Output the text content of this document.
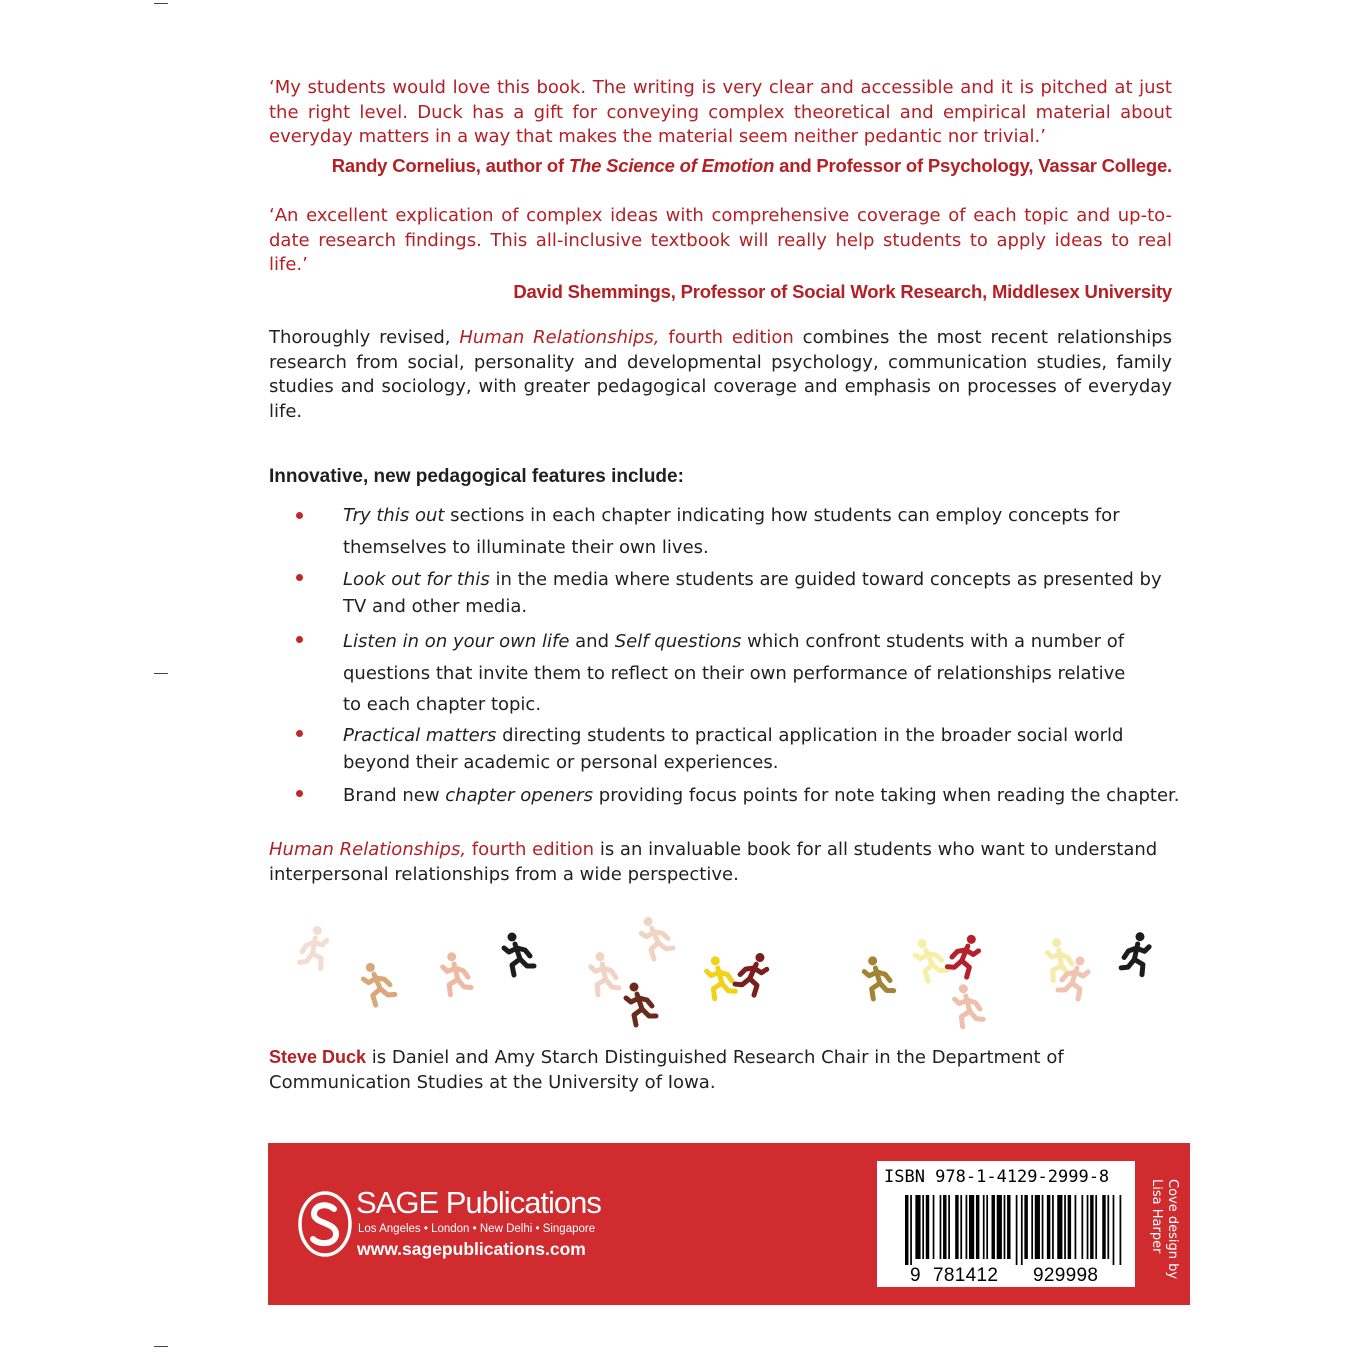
‘My students would love this book. The writing is very clear and accessible and it is pitched at just the right level. Duck has a gift for conveying complex theoretical and empirical material about everyday matters in a way that makes the material seem neither pedantic nor trivial.’

Randy Cornelius, author of The Science of Emotion and Professor of Psychology, Vassar College.

‘An excellent explication of complex ideas with comprehensive coverage of each topic and up-to-date research findings. This all-inclusive textbook will really help students to apply ideas to real life.’

David Shemmings, Professor of Social Work Research, Middlesex University

Thoroughly revised, Human Relationships, fourth edition combines the most recent relationships research from social, personality and developmental psychology, communication studies, family studies and sociology, with greater pedagogical coverage and emphasis on processes of everyday life.

Innovative, new pedagogical features include:

Try this out sections in each chapter indicating how students can employ concepts for themselves to illuminate their own lives.
Look out for this in the media where students are guided toward concepts as presented by TV and other media.
Listen in on your own life and Self questions which confront students with a number of questions that invite them to reflect on their own performance of relationships relative to each chapter topic.
Practical matters directing students to practical application in the broader social world beyond their academic or personal experiences.
Brand new chapter openers providing focus points for note taking when reading the chapter.

Human Relationships, fourth edition is an invaluable book for all students who want to understand interpersonal relationships from a wide perspective.

Steve Duck is Daniel and Amy Starch Distinguished Research Chair in the Department of Communication Studies at the University of Iowa.

SAGE Publications
Los Angeles • London • New Delhi • Singapore
www.sagepublications.com
ISBN 978-1-4129-2999-8
9 781412 929998	Cove design by
Lisa Harper
